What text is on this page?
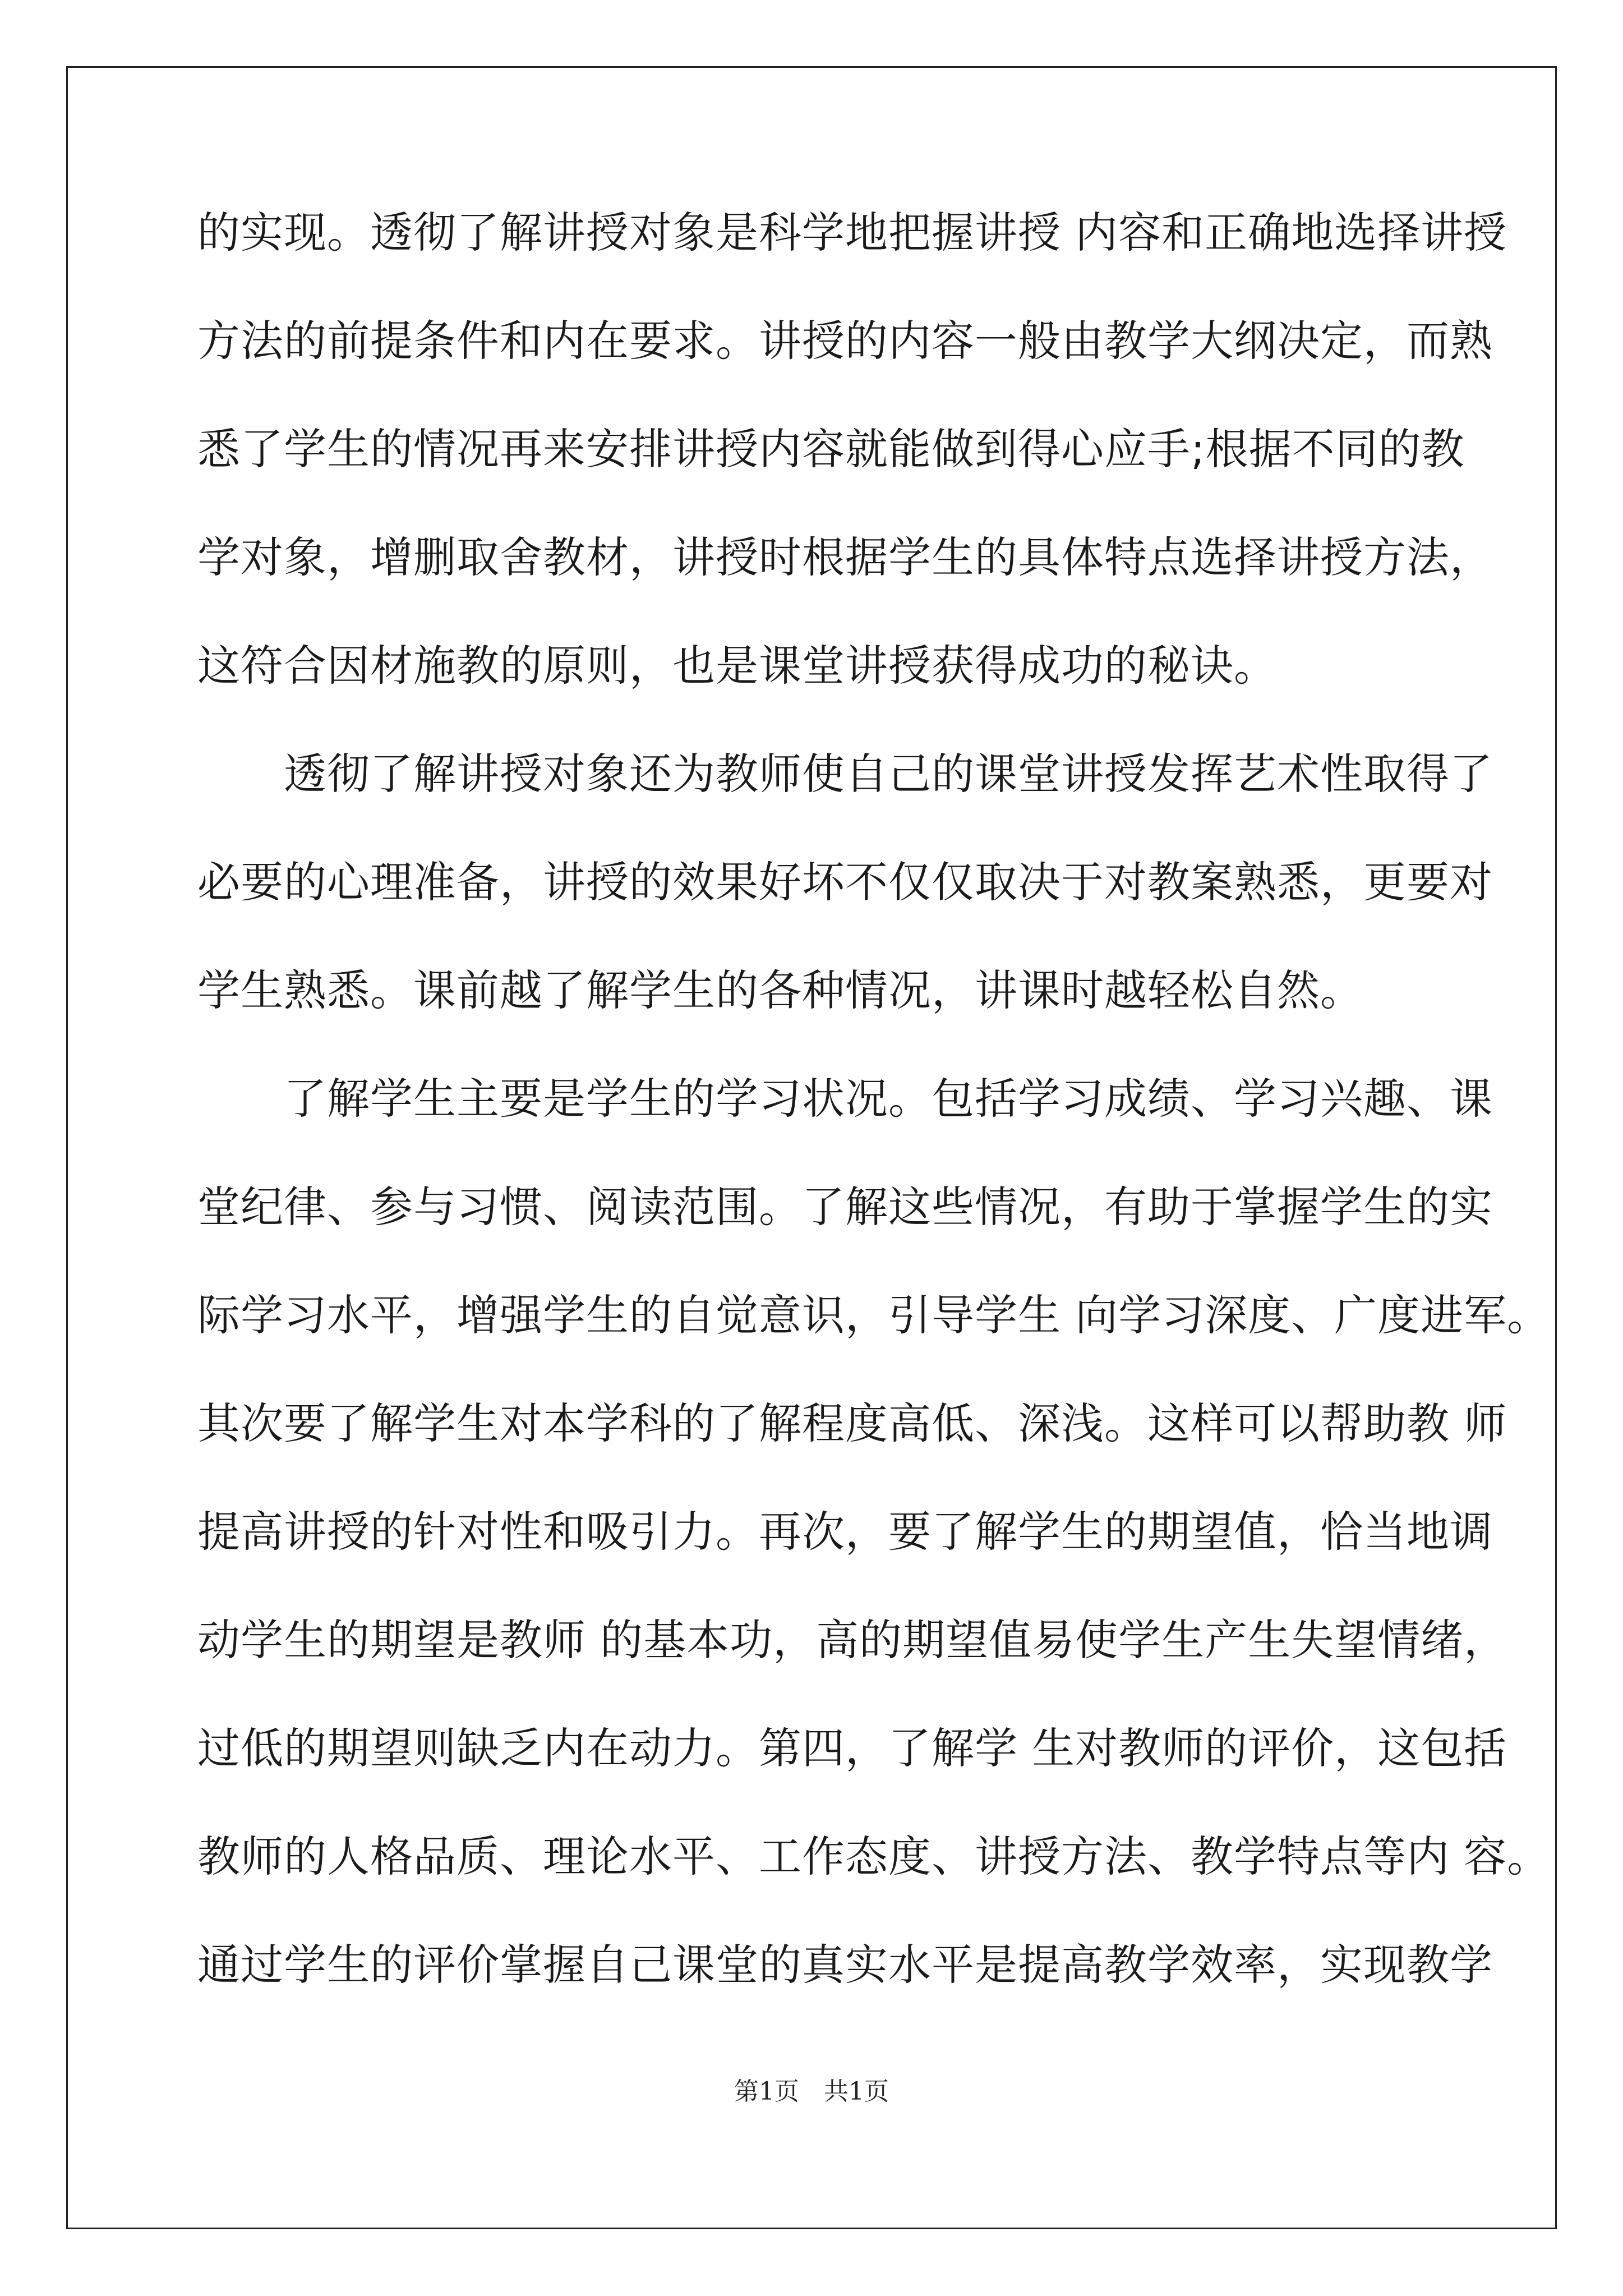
的实现。透彻了解讲授对象是科学地把握讲授 内容和正确地选择讲授
方法的前提条件和内在要求。讲授的内容一般由教学大纲决定，而熟
悉了学生的情况再来安排讲授内容就能做到得心应手;根据不同的教
学对象，增删取舍教材，讲授时根据学生的具体特点选择讲授方法，
这符合因材施教的原则，也是课堂讲授获得成功的秘诀。
　　透彻了解讲授对象还为教师使自己的课堂讲授发挥艺术性取得了
必要的心理准备，讲授的效果好坏不仅仅取决于对教案熟悉，更要对
学生熟悉。课前越了解学生的各种情况，讲课时越轻松自然。
　　了解学生主要是学生的学习状况。包括学习成绩、学习兴趣、课
堂纪律、参与习惯、阅读范围。了解这些情况，有助于掌握学生的实
际学习水平，增强学生的自觉意识，引导学生 向学习深度、广度进军。
其次要了解学生对本学科的了解程度高低、深浅。这样可以帮助教 师
提高讲授的针对性和吸引力。再次，要了解学生的期望值，恰当地调
动学生的期望是教师 的基本功，高的期望值易使学生产生失望情绪，
过低的期望则缺乏内在动力。第四，了解学 生对教师的评价，这包括
教师的人格品质、理论水平、工作态度、讲授方法、教学特点等内 容。
通过学生的评价掌握自己课堂的真实水平是提高教学效率，实现教学
第1页　共1页
